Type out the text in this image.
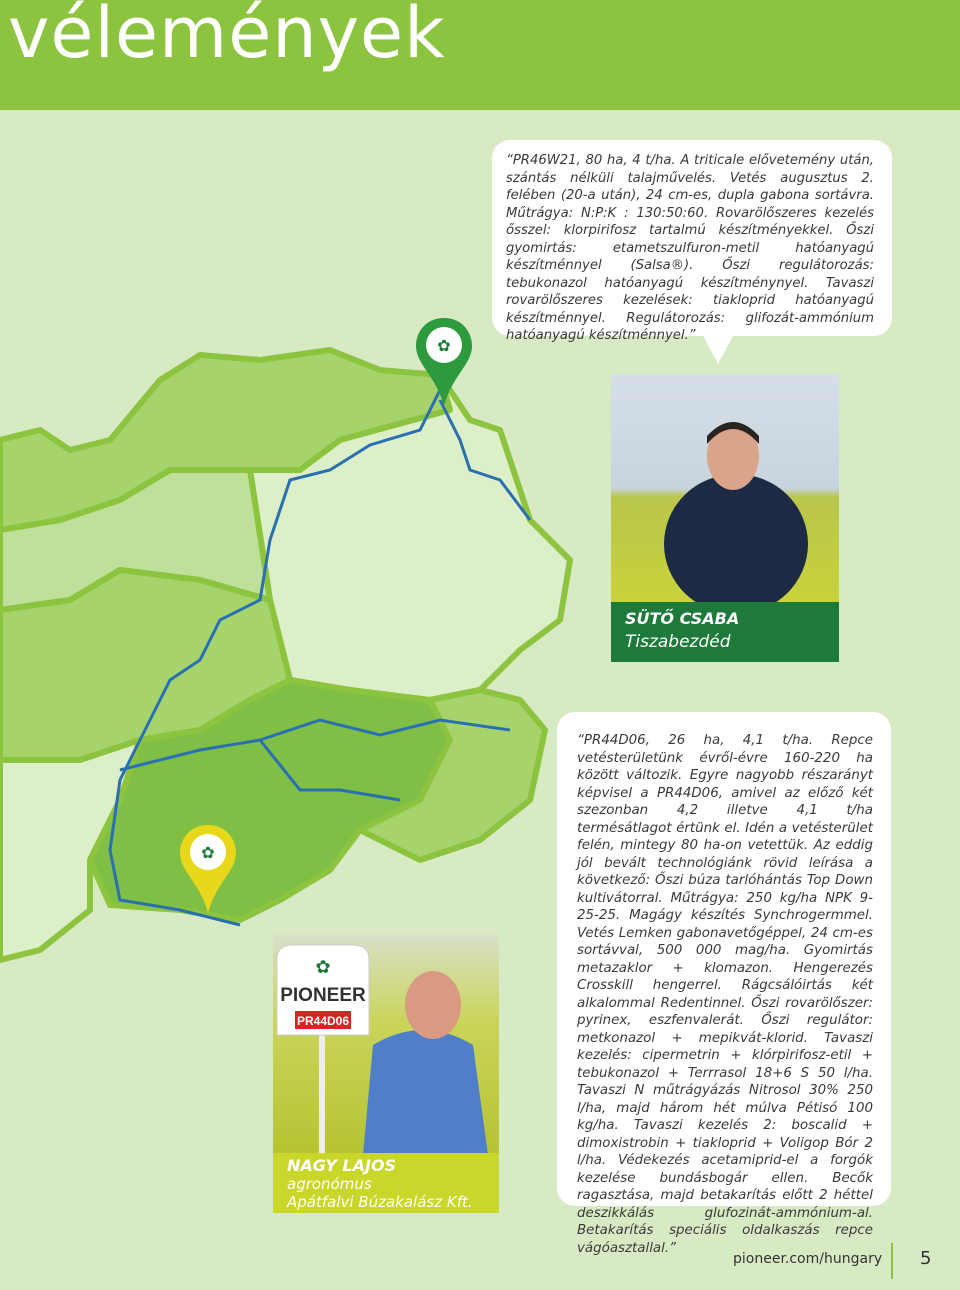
vélemények
✿
✿
“PR46W21, 80 ha, 4 t/ha. A triticale elővetemény után, szántás nélküli talajművelés. Vetés augusztus 2. felében (20-a után), 24 cm-es, dupla gabona sortávra. Műtrágya: N:P:K : 130:50:60. Rovarölőszeres kezelés ősszel: klorpirifosz tartalmú készítményekkel. Őszi gyomirtás: etametszulfuron-metil hatóanyagú készítménnyel (Salsa®). Őszi regulátorozás: tebukonazol hatóanyagú készítménynyel. Tavaszi rovarölőszeres kezelések: tiakloprid hatóanyagú készítménnyel. Regulátorozás: glifozát-ammónium hatóanyagú készítménnyel.”
SÜTŐ CSABA
Tiszabezdéd
✿
PIONEER
PR44D06
NAGY LAJOS
agronómus
Apátfalvi Búzakalász Kft.
“PR44D06, 26 ha, 4,1 t/ha. Repce vetésterületünk évről-évre 160-220 ha között változik. Egyre nagyobb részarányt képvisel a PR44D06, amivel az előző két szezonban 4,2 illetve 4,1 t/ha termésátlagot értünk el. Idén a vetésterület felén, mintegy 80 ha-on vetettük. Az eddig jól bevált technológiánk rövid leírása a következő: Őszi búza tarlóhántás Top Down kultivátorral. Műtrágya: 250 kg/ha NPK 9-25-25. Magágy készítés Synchrogermmel. Vetés Lemken gabonavetőgéppel, 24 cm-es sortávval, 500 000 mag/ha. Gyomirtás metazaklor + klomazon. Hengerezés Crosskill hengerrel. Rágcsálóirtás két alkalommal Redentinnel. Őszi rovarölőszer: pyrinex, eszfenvalerát. Őszi regulátor: metkonazol + mepikvát-klorid. Tavaszi kezelés: cipermetrin + klórpirifosz-etil + tebukonazol + Terrrasol 18+6 S 50 l/ha. Tavaszi N műtrágyázás Nitrosol 30% 250 l/ha, majd három hét múlva Pétisó 100 kg/ha. Tavaszi kezelés 2: boscalid + dimoxistrobin + tiakloprid + Voligop Bór 2 l/ha. Védekezés acetamiprid-el a forgók kezelése bundásbogár ellen. Becők ragasztása, majd betakarítás előtt 2 héttel deszikkálás glufozinát-ammónium-al. Betakarítás speciális oldalkaszás repce vágóasztallal.”
pioneer.com/hungary 5
